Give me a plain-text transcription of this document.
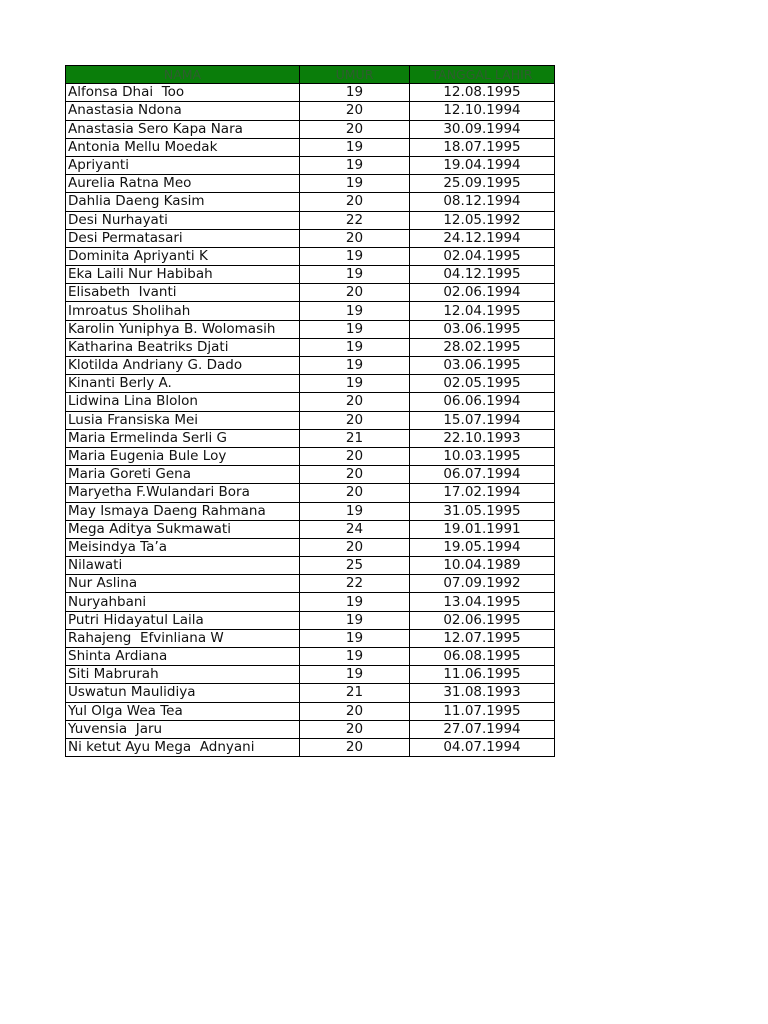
NAMA	UMUR	TANGGAL LAHIR
Alfonsa Dhai  Too	19	12.08.1995
Anastasia Ndona	20	12.10.1994
Anastasia Sero Kapa Nara	20	30.09.1994
Antonia Mellu Moedak	19	18.07.1995
Apriyanti	19	19.04.1994
Aurelia Ratna Meo	19	25.09.1995
Dahlia Daeng Kasim	20	08.12.1994
Desi Nurhayati	22	12.05.1992
Desi Permatasari	20	24.12.1994
Dominita Apriyanti K	19	02.04.1995
Eka Laili Nur Habibah	19	04.12.1995
Elisabeth  Ivanti	20	02.06.1994
Imroatus Sholihah	19	12.04.1995
Karolin Yuniphya B. Wolomasih	19	03.06.1995
Katharina Beatriks Djati	19	28.02.1995
Klotilda Andriany G. Dado	19	03.06.1995
Kinanti Berly A.	19	02.05.1995
Lidwina Lina Blolon	20	06.06.1994
Lusia Fransiska Mei	20	15.07.1994
Maria Ermelinda Serli G	21	22.10.1993
Maria Eugenia Bule Loy	20	10.03.1995
Maria Goreti Gena	20	06.07.1994
Maryetha F.Wulandari Bora	20	17.02.1994
May Ismaya Daeng Rahmana	19	31.05.1995
Mega Aditya Sukmawati	24	19.01.1991
Meisindya Ta’a	20	19.05.1994
Nilawati	25	10.04.1989
Nur Aslina	22	07.09.1992
Nuryahbani	19	13.04.1995
Putri Hidayatul Laila	19	02.06.1995
Rahajeng  Efvinliana W	19	12.07.1995
Shinta Ardiana	19	06.08.1995
Siti Mabrurah	19	11.06.1995
Uswatun Maulidiya	21	31.08.1993
Yul Olga Wea Tea	20	11.07.1995
Yuvensia  Jaru	20	27.07.1994
Ni ketut Ayu Mega  Adnyani	20	04.07.1994
